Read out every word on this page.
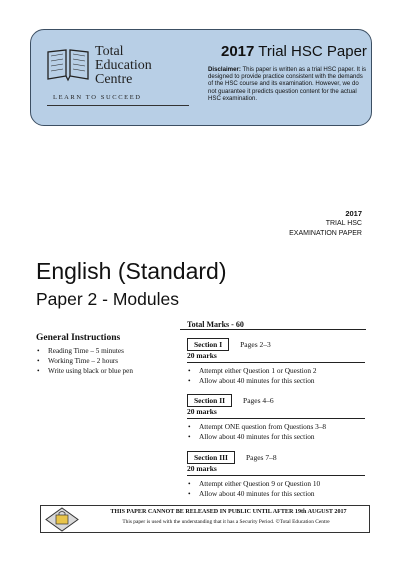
Total
Education
Centre
LEARN TO SUCCEED
2017 Trial HSC Paper
Disclaimer: This paper is written as a trial HSC paper. It is designed to provide practice consistent with the demands of the HSC course and its examination. However, we do not guarantee it predicts question content for the actual HSC examination.
2017
TRIAL HSC
EXAMINATION PAPER
English (Standard)
Paper 2 - Modules
General Instructions
• Reading Time – 5 minutes
• Working Time – 2 hours
• Write using black or blue pen
Total Marks - 60
Section I Pages 2–3
20 marks
• Attempt either Question 1 or Question 2
• Allow about 40 minutes for this section
Section II Pages 4–6
20 marks
• Attempt ONE question from Questions 3–8
• Allow about 40 minutes for this section
Section III Pages 7–8
20 marks
• Attempt either Question 9 or Question 10
• Allow about 40 minutes for this section
THIS PAPER CANNOT BE RELEASED IN PUBLIC UNTIL AFTER 19th AUGUST 2017
This paper is used with the understanding that it has a Security Period. ©Total Education Centre
